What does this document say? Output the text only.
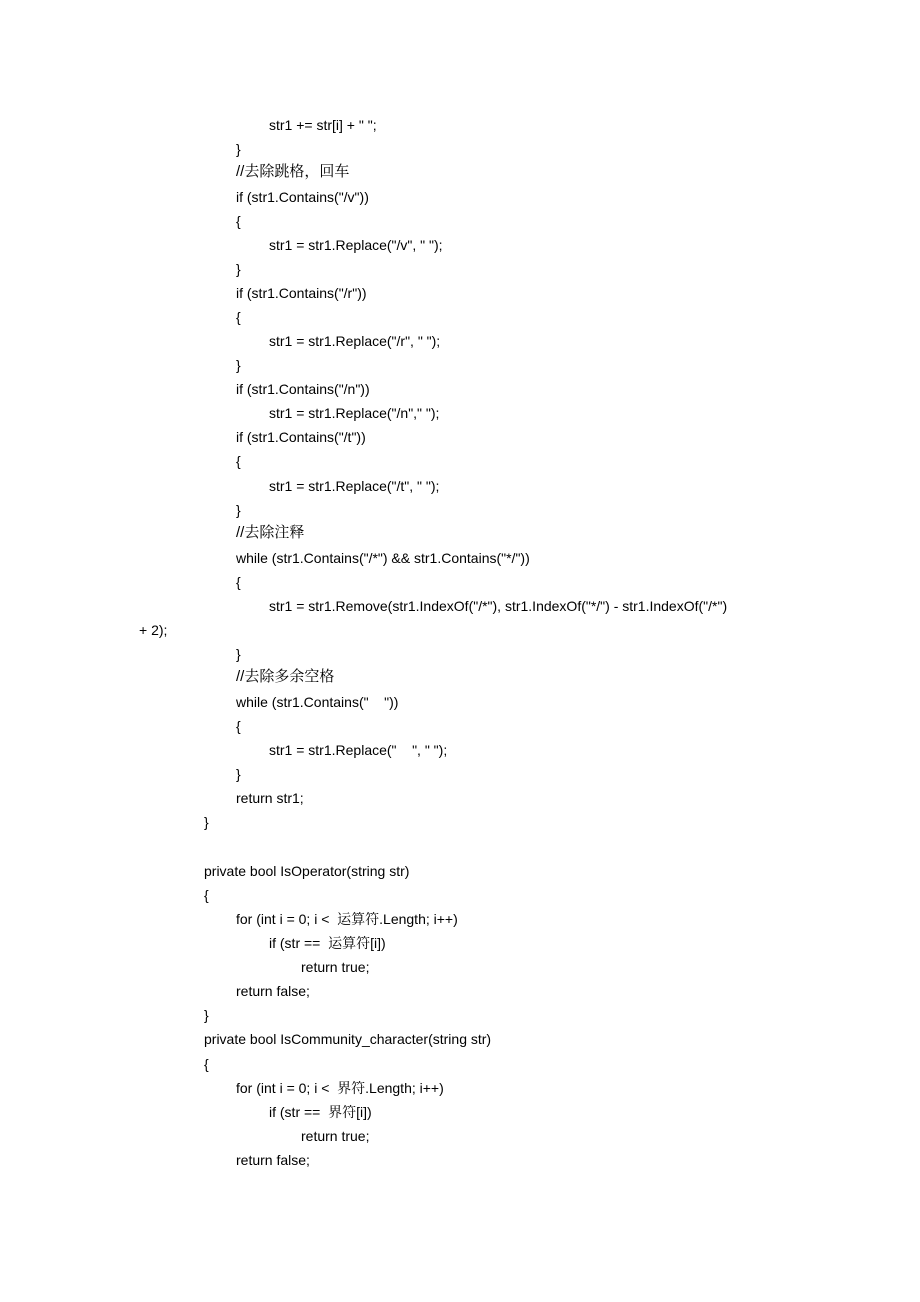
str1 += str[i] + " ";
}
//去除跳格，回车
if (str1.Contains("/v"))
{
str1 = str1.Replace("/v", " ");
}
if (str1.Contains("/r"))
{
str1 = str1.Replace("/r", " ");
}
if (str1.Contains("/n"))
str1 = str1.Replace("/n"," ");
if (str1.Contains("/t"))
{
str1 = str1.Replace("/t", " ");
}
//去除注释
while (str1.Contains("/*") && str1.Contains("*/"))
{
str1 = str1.Remove(str1.IndexOf("/*"), str1.IndexOf("*/") - str1.IndexOf("/*")
+ 2);
}
//去除多余空格
while (str1.Contains("    "))
{
str1 = str1.Replace("    ", " ");
}
return str1;
}
private bool IsOperator(string str)
{
for (int i = 0; i <  运算符.Length; i++)
if (str ==  运算符[i])
return true;
return false;
}
private bool IsCommunity_character(string str)
{
for (int i = 0; i <  界符.Length; i++)
if (str ==  界符[i])
return true;
return false;
